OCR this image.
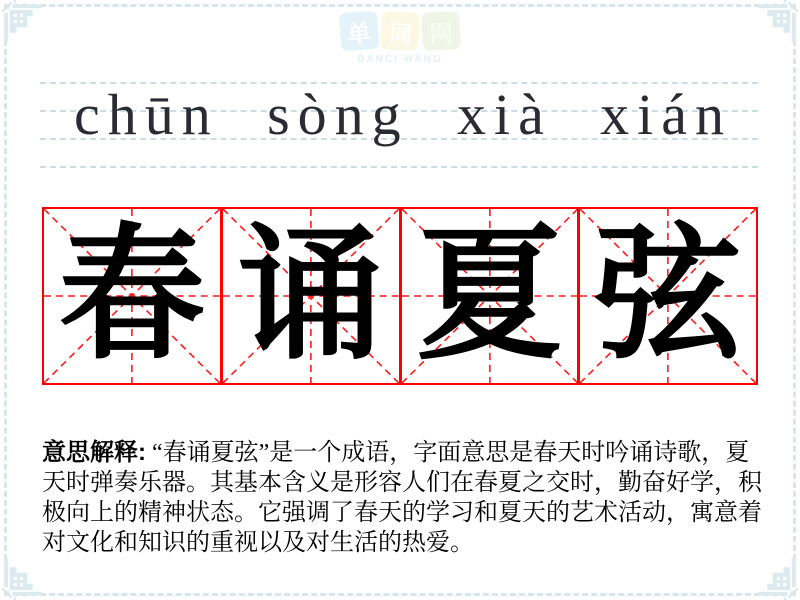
单 词 网
DANCI WANG
chūn sòng xià xián
春 诵 夏 弦
意思解释: “春诵夏弦”是一个成语，字面意思是春天时吟诵诗歌，夏天时弹奏乐器。其基本含义是形容人们在春夏之交时，勤奋好学，积极向上的精神状态。它强调了春天的学习和夏天的艺术活动，寓意着对文化和知识的重视以及对生活的热爱。
